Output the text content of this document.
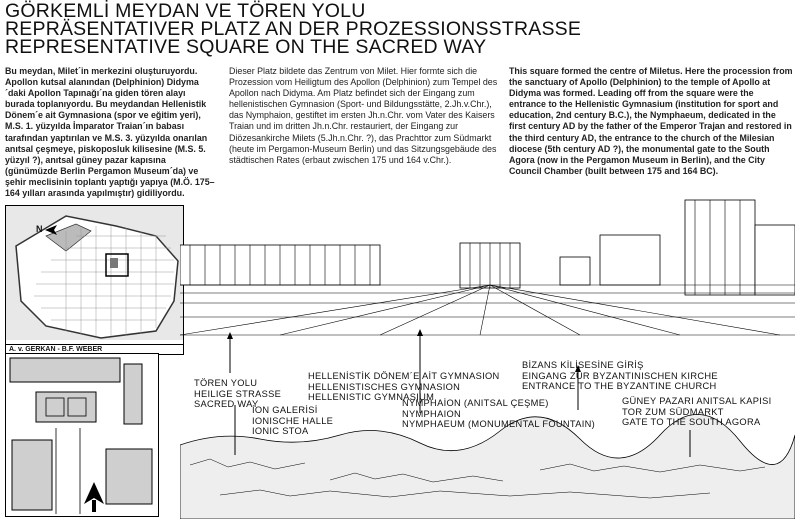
GÖRKEMLİ MEYDAN VE TÖREN YOLU
REPRÄSENTATIVER PLATZ AN DER PROZESSIONSSTRASSE
REPRESENTATIVE SQUARE ON THE SACRED WAY
Bu meydan, Milet´in merkezini oluşturuyordu. Apollon kutsal alanından (Delphinion) Didyma´daki Apollon Tapınağı´na giden tören alayı burada toplanıyordu. Bu meydandan Hellenistik Dönem´e ait Gymnasiona (spor ve eğitim yeri), M.S. 1. yüzyılda İmparator Traian´ın babası tarafından yaptırılan ve M.S. 3. yüzyılda onarılan anıtsal çeşmeye, piskoposluk kilisesine (M.S. 5. yüzyıl ?), anıtsal güney pazar kapısına (günümüzde Berlin Pergamon Museum´da) ve şehir meclisinin toplantı yaptığı yapıya (M.Ö. 175–164 yılları arasında yapılmıştır) gidiliyordu.
Dieser Platz bildete das Zentrum von Milet. Hier formte sich die Prozession vom Heiligtum des Apollon (Delphinion) zum Tempel des Apollon nach Didyma. Am Platz befindet sich der Eingang zum hellenistischen Gymnasion (Sport- und Bildungsstätte, 2.Jh.v.Chr.), das Nymphaion, gestiftet im ersten Jh.n.Chr. vom Vater des Kaisers Traian und im dritten Jh.n.Chr. restauriert, der Eingang zur Diözesankirche Milets (5.Jh.n.Chr. ?), das Prachttor zum Südmarkt (heute im Pergamon-Museum Berlin) und das Sitzungsgebäude des städtischen Rates (erbaut zwischen 175 und 164 v.Chr.).
This square formed the centre of Miletus. Here the procession from the sanctuary of Apollo (Delphinion) to the temple of Apollo at Didyma was formed. Leading off from the square were the entrance to the Hellenistic Gymnasium (institution for sport and education, 2nd century B.C.), the Nymphaeum, dedicated in the first century AD by the father of the Emperor Trajan and restored in the third century AD, the entrance to the church of the Milesian diocese (5th century AD ?), the monumental gate to the South Agora (now in the Pergamon Museum in Berlin), and the City Council Chamber (built between 175 and 164 BC).
N
A. v. GERKAN - B.F. WEBER
TÖREN YOLU
HEILIGE STRASSE
SACRED WAY
İON GALERİSİ
IONISCHE HALLE
IONIC STOA
HELLENİSTİK DÖNEM´E AİT GYMNASION
HELLENISTISCHES GYMNASION
HELLENISTIC GYMNASIUM
NYMPHAİON (ANITSAL ÇEŞME)
NYMPHAION
NYMPHAEUM (MONUMENTAL FOUNTAIN)
BİZANS KİLİSESİNE GİRİŞ
EINGANG ZUR BYZANTINISCHEN KIRCHE
ENTRANCE TO THE BYZANTINE CHURCH
GÜNEY PAZARI ANITSAL KAPISI
TOR ZUM SÜDMARKT
GATE TO THE SOUTH AGORA
